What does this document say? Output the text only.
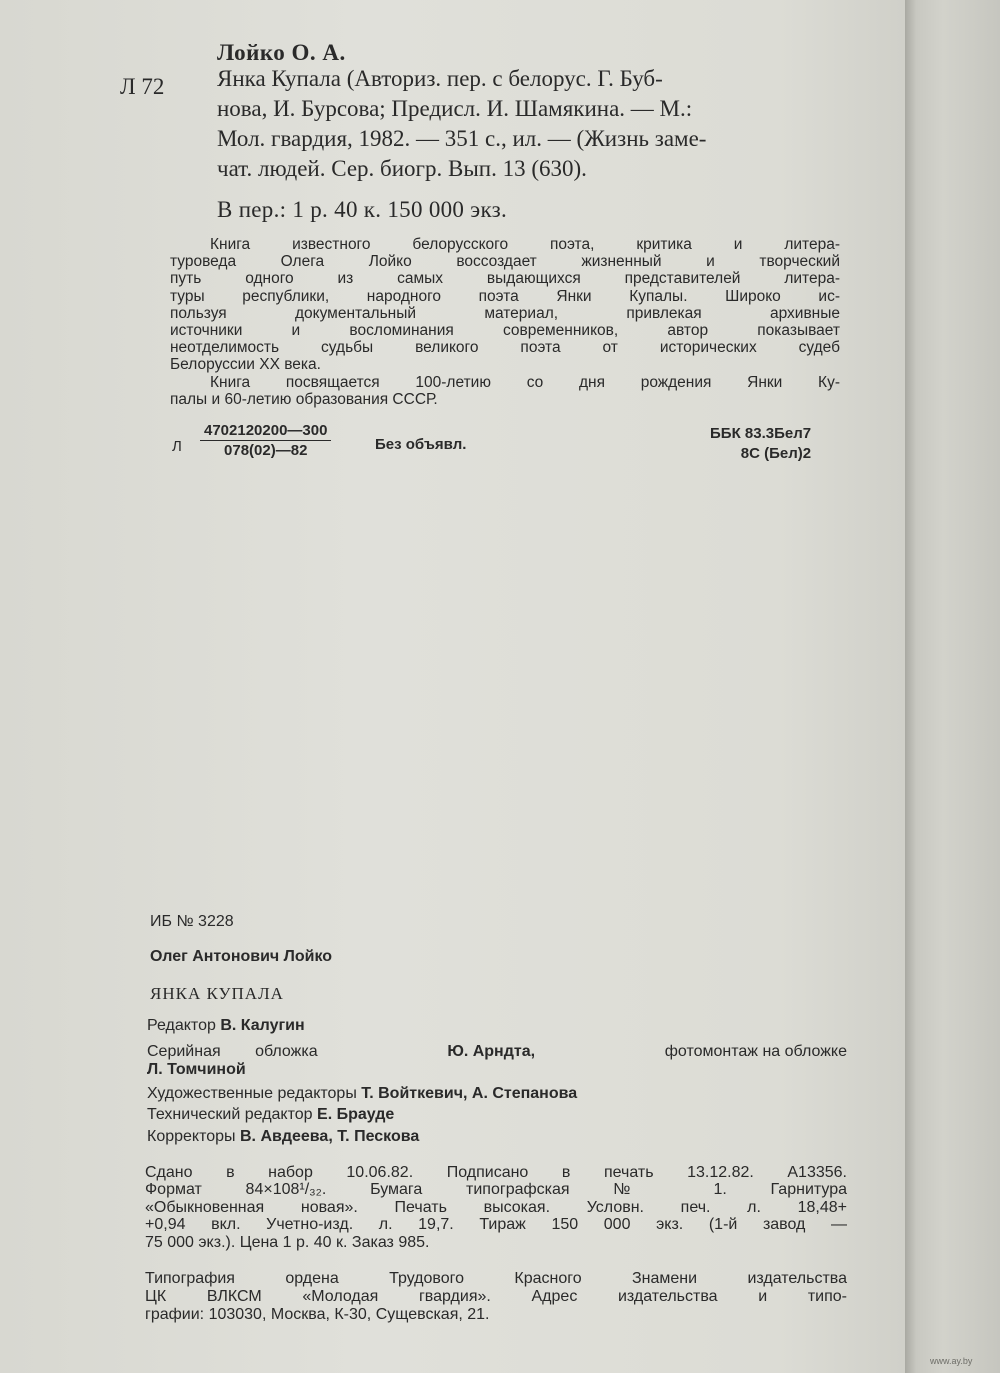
Лойко О. А.
Л 72 Янка Купала (Авториз. пер. с белорус. Г. Буб-
нова, И. Бурсова; Предисл. И. Шамякина. — М.:
Мол. гвардия, 1982. — 351 с., ил. — (Жизнь заме-
чат. людей. Сер. биогр. Вып. 13 (630).
В пер.: 1 р. 40 к. 150 000 экз.
Книга известного белорусского поэта, критика и литера-
туроведа Олега Лойко воссоздает жизненный и творческий
путь одного из самых выдающихся представителей литера-
туры республики, народного поэта Янки Купалы. Широко ис-
пользуя документальный материал, привлекая архивные
источники и восломинания современников, автор показывает
неотделимость судьбы великого поэта от исторических судеб
Белоруссии XX века.
Книга посвящается 100-летию со дня рождения Янки Ку-
палы и 60-летию образования СССР.
Л $\frac{4702120200—300}{078(02)—82}$	Без объявл.
ББК 83.3Бел7
8С (Бел)2
ИБ № 3228
Олег Антонович Лойко
ЯНКА КУПАЛА
Редактор В. Калугин
Серийная обложка	Ю. Арндта,	фотомонтаж на обложке
Л. Томчиной
Художественные редакторы Т. Войткевич, А. Степанова
Технический редактор Е. Брауде
Корректоры В. Авдеева, Т. Пескова
Сдано в набор 10.06.82. Подписано в печать 13.12.82. А13356.
Формат 84×108¹/₃₂. Бумага типографская № 1. Гарнитура
«Обыкновенная новая». Печать высокая. Условн. печ. л. 18,48+
+0,94 вкл. Учетно-изд. л. 19,7. Тираж 150 000 экз. (1-й завод —
75 000 экз.). Цена 1 р. 40 к. Заказ 985.
Типография ордена Трудового Красного Знамени издательства
ЦК ВЛКСМ «Молодая гвардия». Адрес издательства и типо-
графии: 103030, Москва, К-30, Сущевская, 21.
www.ay.by
